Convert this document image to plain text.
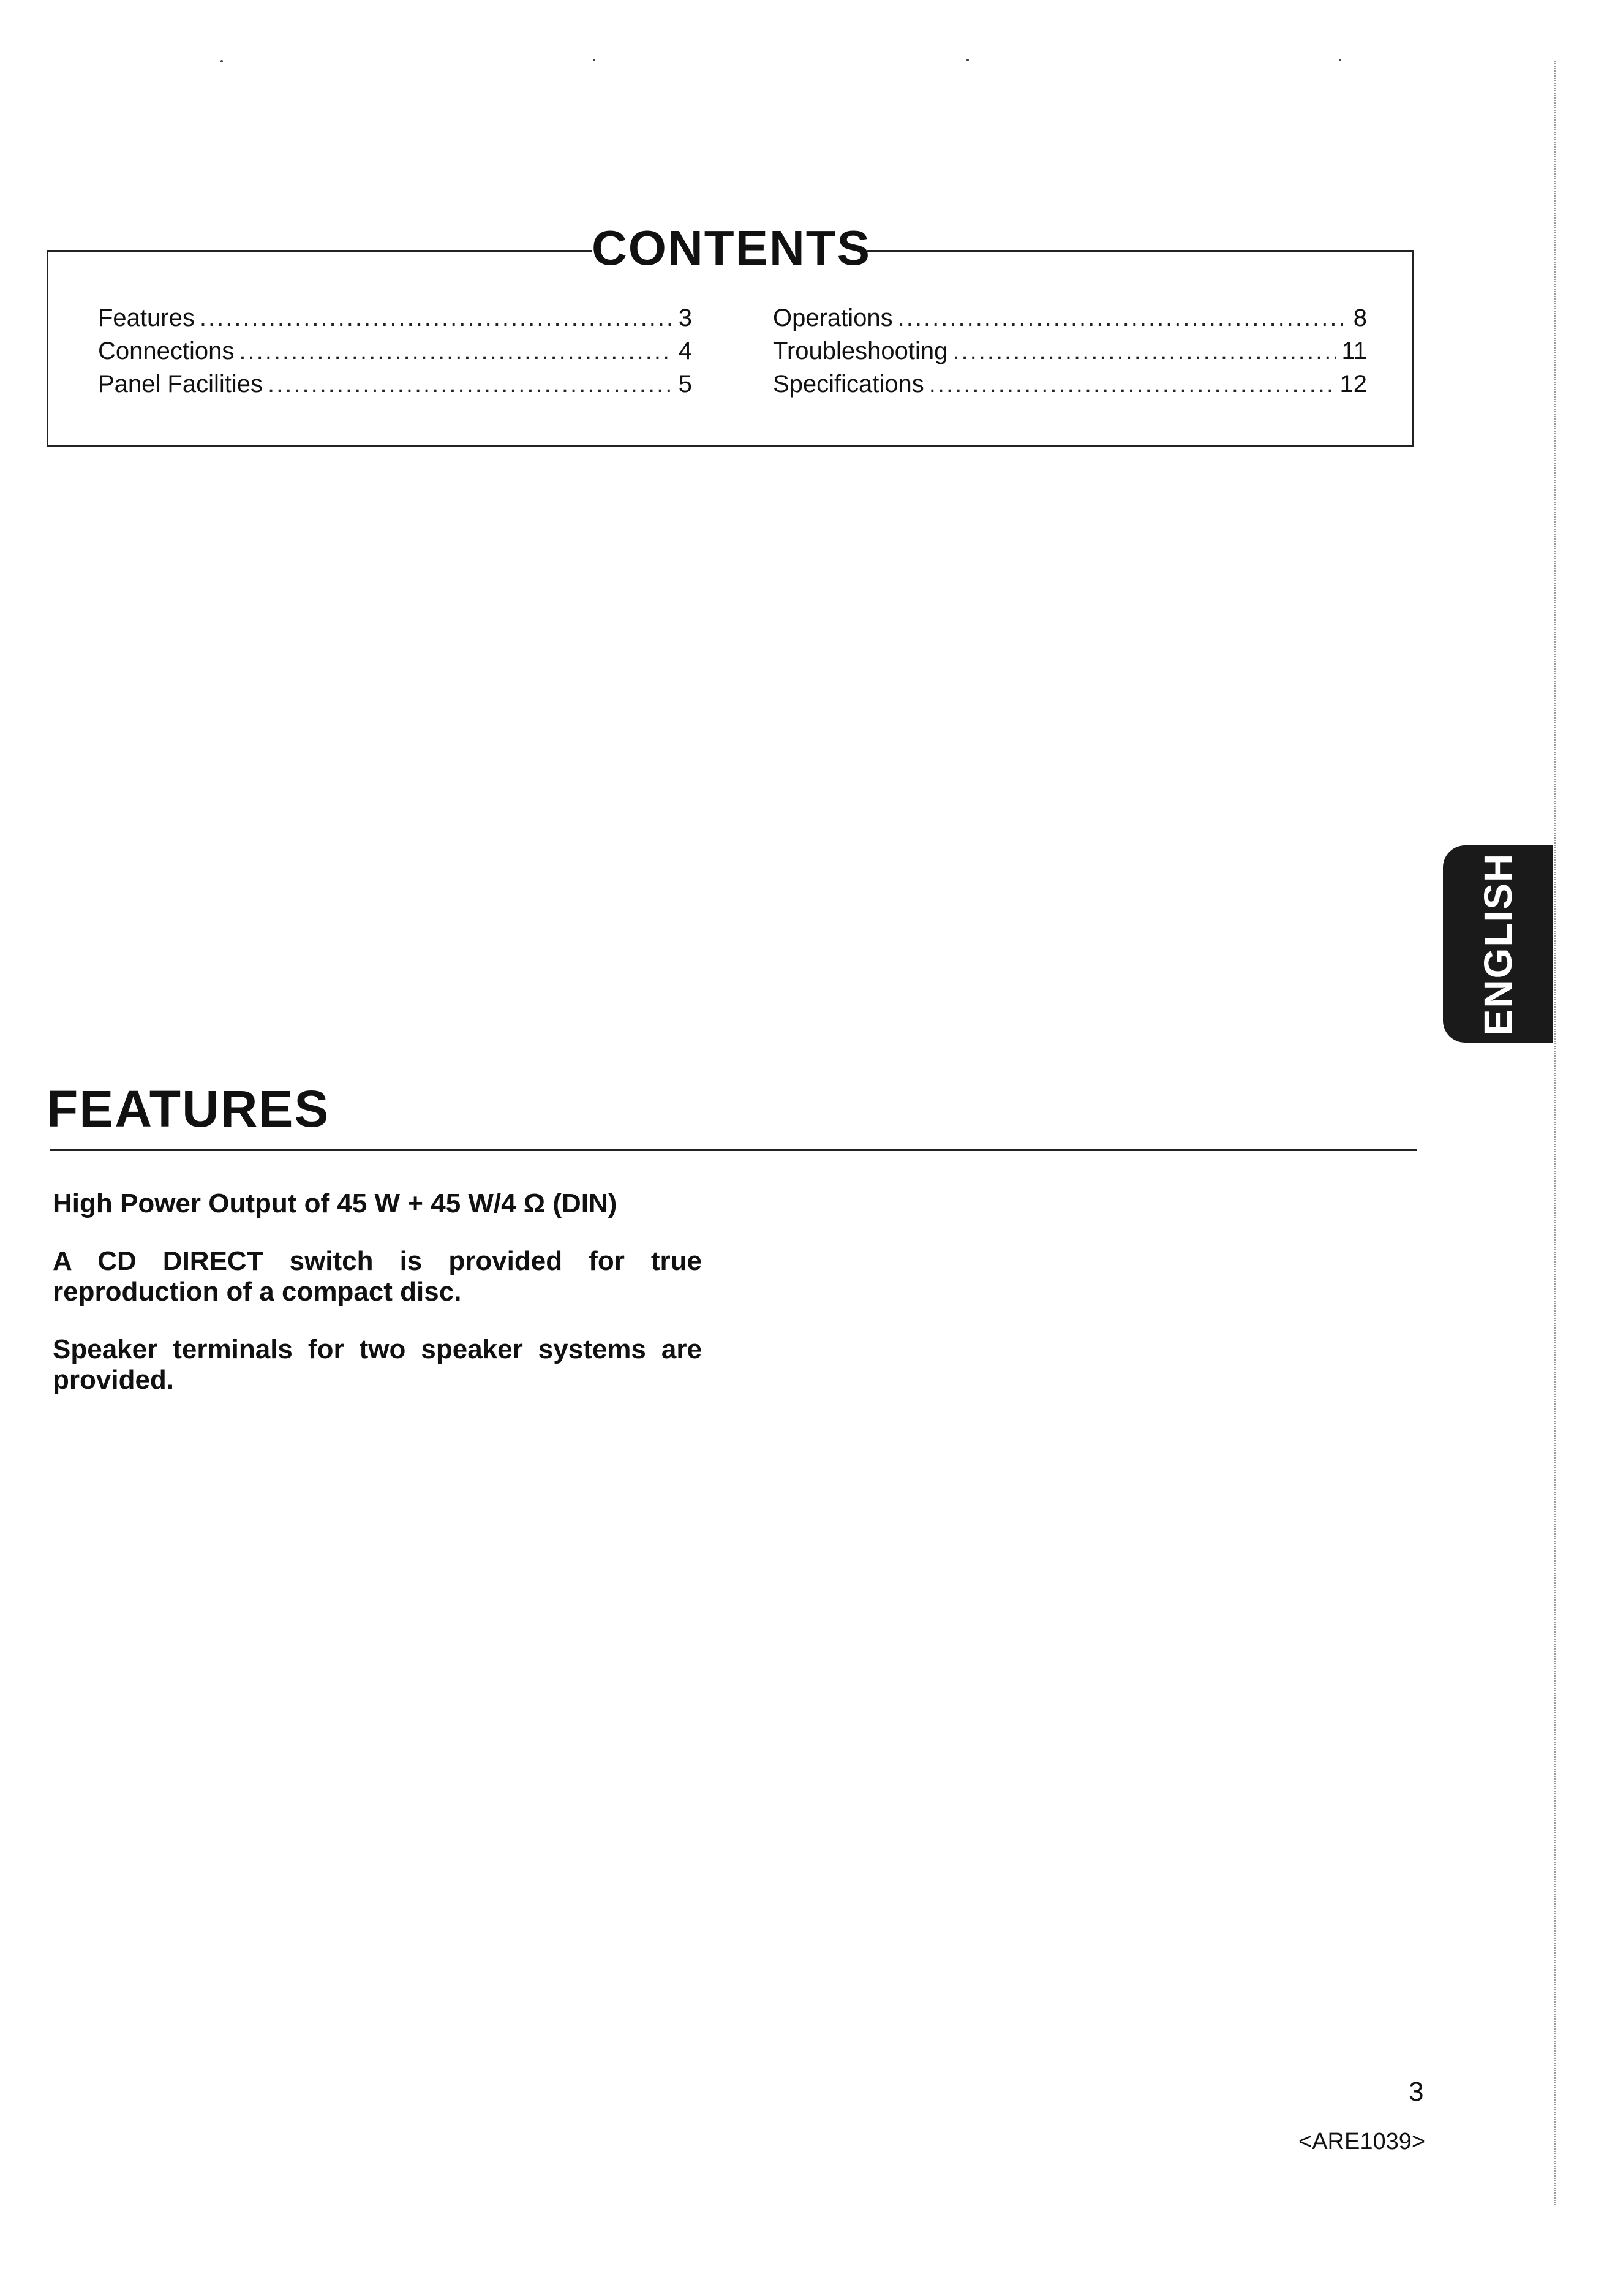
CONTENTS
Features .....	3
Connections .....	4
Panel Facilities .....	5
Operations .....	8
Troubleshooting .....	11
Specifications .....	12
ENGLISH
FEATURES

High Power Output of 45 W + 45 W/4 Ω (DIN)

A CD DIRECT switch is provided for true reproduction of a compact disc.

Speaker terminals for two speaker systems are provided.

3
<ARE1039>
